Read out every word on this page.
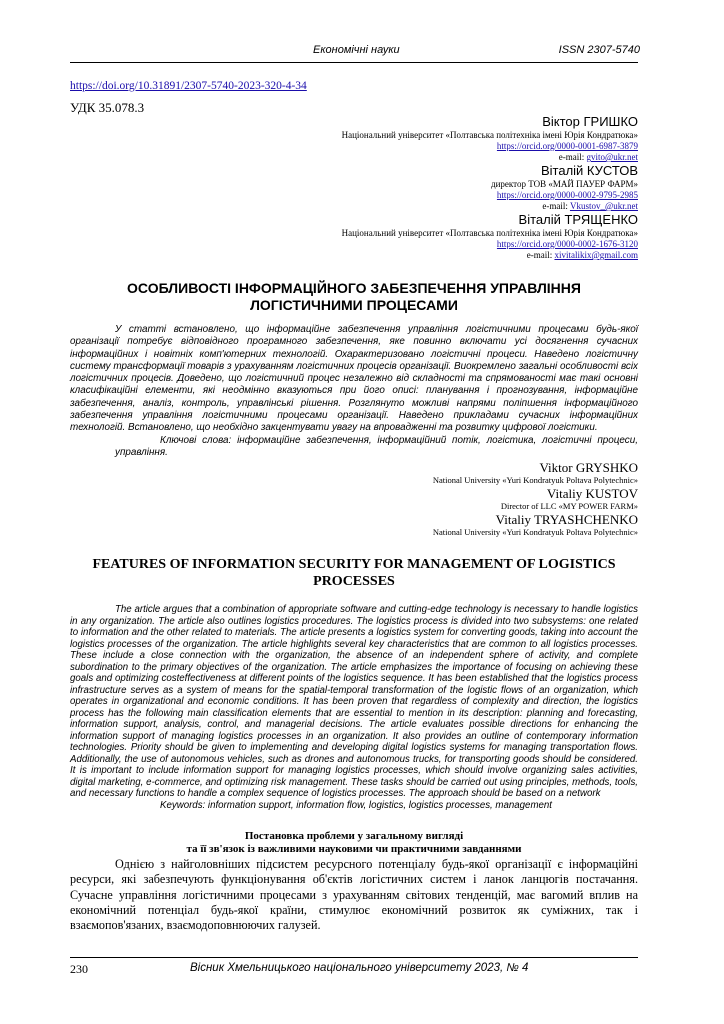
Економічні науки	ISSN 2307-5740
https://doi.org/10.31891/2307-5740-2023-320-4-34
УДК 35.078.3
Віктор ГРИШКО
Національний університет «Полтавська політехніка імені Юрія Кондратюка»
https://orcid.org/0000-0001-6987-3879
e-mail: gvito@ukr.net
Віталій КУСТОВ
директор ТОВ «МАЙ ПАУЕР ФАРМ»
https://orcid.org/0000-0002-9795-2985
e-mail: Vkustov_@ukr.net
Віталій ТРЯЩЕНКО
Національний університет «Полтавська політехніка імені Юрія Кондратюка»
https://orcid.org/0000-0002-1676-3120
e-mail: xivitalikix@gmail.com
ОСОБЛИВОСТІ ІНФОРМАЦІЙНОГО ЗАБЕЗПЕЧЕННЯ УПРАВЛІННЯ ЛОГІСТИЧНИМИ ПРОЦЕСАМИ

У статті встановлено, що інформаційне забезпечення управління логістичними процесами будь-якої організації потребує відповідного програмного забезпечення, яке повинно включати усі досягнення сучасних інформаційних і новітніх комп'ютерних технологій. Охарактеризовано логістичні процеси. Наведено логістичну систему трансформації товарів з урахуванням логістичних процесів організації. Виокремлено загальні особливості всіх логістичних процесів. Доведено, що логістичний процес незалежно від складності та спрямованості має такі основні класифікаційні елементи, які неодмінно вказуються при його описі: планування і прогнозування, інформаційне забезпечення, аналіз, контроль, управлінські рішення. Розглянуто можливі напрями поліпшення інформаційного забезпечення управління логістичними процесами організації. Наведено прикладами сучасних інформаційних технологій. Встановлено, що необхідно закцентувати увагу на впровадженні та розвитку цифрової логістики.

Ключові слова: інформаційне забезпечення, інформаційний потік, логістика, логістичні процеси, управління.

Viktor GRYSHKO
National University «Yuri Kondratyuk Poltava Polytechnic»
Vitaliy KUSTOV
Director of LLC «MY POWER FARM»
Vitaliy TRYASHCHENKO
National University «Yuri Kondratyuk Poltava Polytechnic»
FEATURES OF INFORMATION SECURITY FOR MANAGEMENT OF LOGISTICS PROCESSES

The article argues that a combination of appropriate software and cutting-edge technology is necessary to handle logistics in any organization. The article also outlines logistics procedures. The logistics process is divided into two subsystems: one related to information and the other related to materials. The article presents a logistics system for converting goods, taking into account the logistics processes of the organization. The article highlights several key characteristics that are common to all logistics processes. These include a close connection with the organization, the absence of an independent sphere of activity, and complete subordination to the primary objectives of the organization. The article emphasizes the importance of focusing on achieving these goals and optimizing costeffectiveness at different points of the logistics sequence. It has been established that the logistics process infrastructure serves as a system of means for the spatial-temporal transformation of the logistic flows of an organization, which operates in organizational and economic conditions. It has been proven that regardless of complexity and direction, the logistics process has the following main classification elements that are essential to mention in its description: planning and forecasting, information support, analysis, control, and managerial decisions. The article evaluates possible directions for enhancing the information support of managing logistics processes in an organization. It also provides an outline of contemporary information technologies. Priority should be given to implementing and developing digital logistics systems for managing transportation flows. Additionally, the use of autonomous vehicles, such as drones and autonomous trucks, for transporting goods should be considered. It is important to include information support for managing logistics processes, which should involve organizing sales activities, digital marketing, e-commerce, and optimizing risk management. These tasks should be carried out using principles, methods, tools, and necessary functions to handle a complex sequence of logistics processes. The approach should be based on a network

Keywords: information support, information flow, logistics, logistics processes, management

Постановка проблеми у загальному вигляді
та її зв'язок із важливими науковими чи практичними завданнями

Однією з найголовніших підсистем ресурсного потенціалу будь-якої організації є інформаційні ресурси, які забезпечують функціонування об'єктів логістичних систем і ланок ланцюгів постачання. Сучасне управління логістичними процесами з урахуванням світових тенденцій, має вагомий вплив на економічний потенціал будь-якої країни, стимулює економічний розвиток як суміжних, так і взаємопов'язаних, взаємодоповнюючих галузей.

230	Вісник Хмельницького національного університету 2023, № 4
